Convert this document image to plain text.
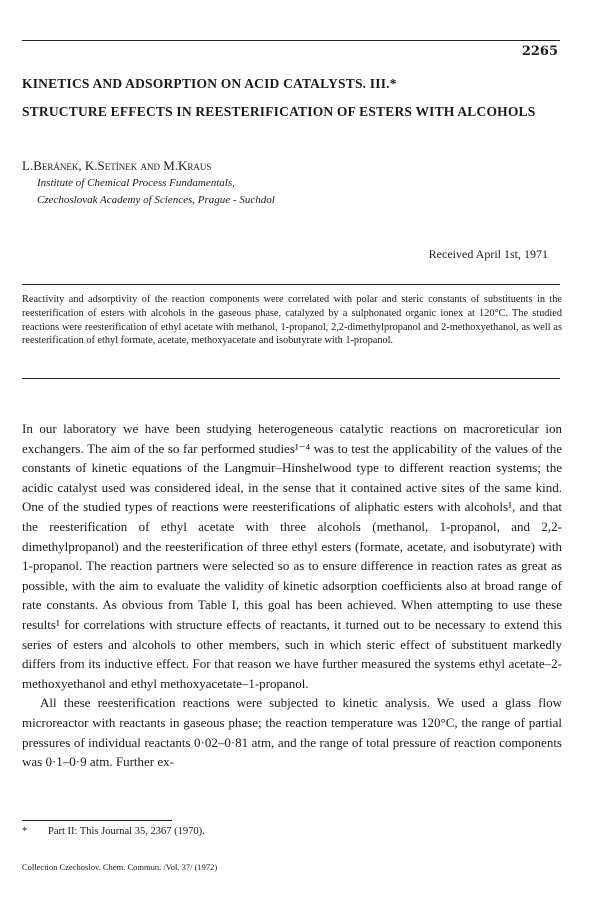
2265
KINETICS AND ADSORPTION ON ACID CATALYSTS. III.*
STRUCTURE EFFECTS IN REESTERIFICATION OF ESTERS WITH ALCOHOLS
L.Beránek, K.Setínek and M.Kraus
Institute of Chemical Process Fundamentals,
Czechoslovak Academy of Sciences, Prague - Suchdol
Received April 1st, 1971
Reactivity and adsorptivity of the reaction components were correlated with polar and steric constants of substituents in the reesterification of esters with alcohols in the gaseous phase, catalyzed by a sulphonated organic ionex at 120°C. The studied reactions were reesterification of ethyl acetate with methanol, 1-propanol, 2,2-dimethylpropanol and 2-methoxyethanol, as well as reesterification of ethyl formate, acetate, methoxyacetate and isobutyrate with 1-propanol.

In our laboratory we have been studying heterogeneous catalytic reactions on macroreticular ion exchangers. The aim of the so far performed studies¹⁻⁴ was to test the applicability of the values of the constants of kinetic equations of the Langmuir–Hinshelwood type to different reaction systems; the acidic catalyst used was considered ideal, in the sense that it contained active sites of the same kind. One of the studied types of reactions were reesterifications of aliphatic esters with alcohols¹, and that the reesterification of ethyl acetate with three alcohols (methanol, 1-propanol, and 2,2-dimethylpropanol) and the reesterification of three ethyl esters (formate, acetate, and isobutyrate) with 1-propanol. The reaction partners were selected so as to ensure difference in reaction rates as great as possible, with the aim to evaluate the validity of kinetic adsorption coefficients also at broad range of rate constants. As obvious from Table I, this goal has been achieved. When attempting to use these results¹ for correlations with structure effects of reactants, it turned out to be necessary to extend this series of esters and alcohols to other members, such in which steric effect of substituent markedly differs from its inductive effect. For that reason we have further measured the systems ethyl acetate–2-methoxyethanol and ethyl methoxyacetate–1-propanol.

All these reesterification reactions were subjected to kinetic analysis. We used a glass flow microreactor with reactants in gaseous phase; the reaction temperature was 120°C, the range of partial pressures of individual reactants 0·02–0·81 atm, and the range of total pressure of reaction components was 0·1–0·9 atm. Further ex-

* Part II: This Journal 35, 2367 (1970).
Collection Czechoslov. Chem. Commun. /Vol. 37/ (1972)
